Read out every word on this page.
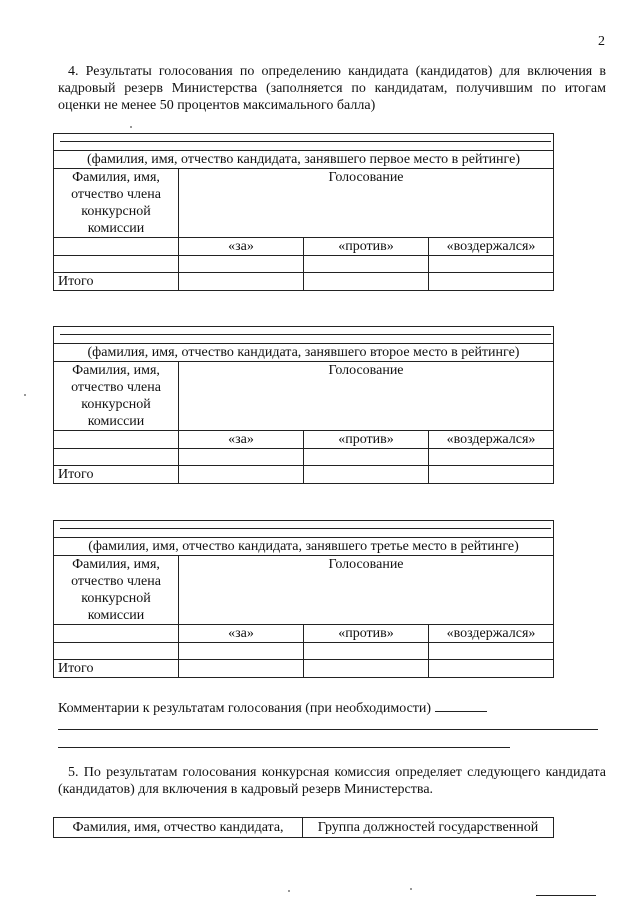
2
4. Результаты голосования по определению кандидата (кандидатов) для включения в кадровый резерв Министерства (заполняется по кандидатам, получившим по итогам оценки не менее 50 процентов максимального балла)

(фамилия, имя, отчество кандидата, занявшего первое место в рейтинге)			
Фамилия, имя, отчество члена конкурсной комиссии	Голосование		
	«за»	«против»	«воздержался»

Итого			

(фамилия, имя, отчество кандидата, занявшего второе место в рейтинге)			
Фамилия, имя, отчество члена конкурсной комиссии	Голосование		
	«за»	«против»	«воздержался»

Итого			

(фамилия, имя, отчество кандидата, занявшего третье место в рейтинге)			
Фамилия, имя, отчество члена конкурсной комиссии	Голосование		
	«за»	«против»	«воздержался»

Итого			
Комментарии к результатам голосования (при необходимости)
5. По результатам голосования конкурсная комиссия определяет следующего кандидата (кандидатов) для включения в кадровый резерв Министерства.
Фамилия, имя, отчество кандидата,	Группа должностей государственной
